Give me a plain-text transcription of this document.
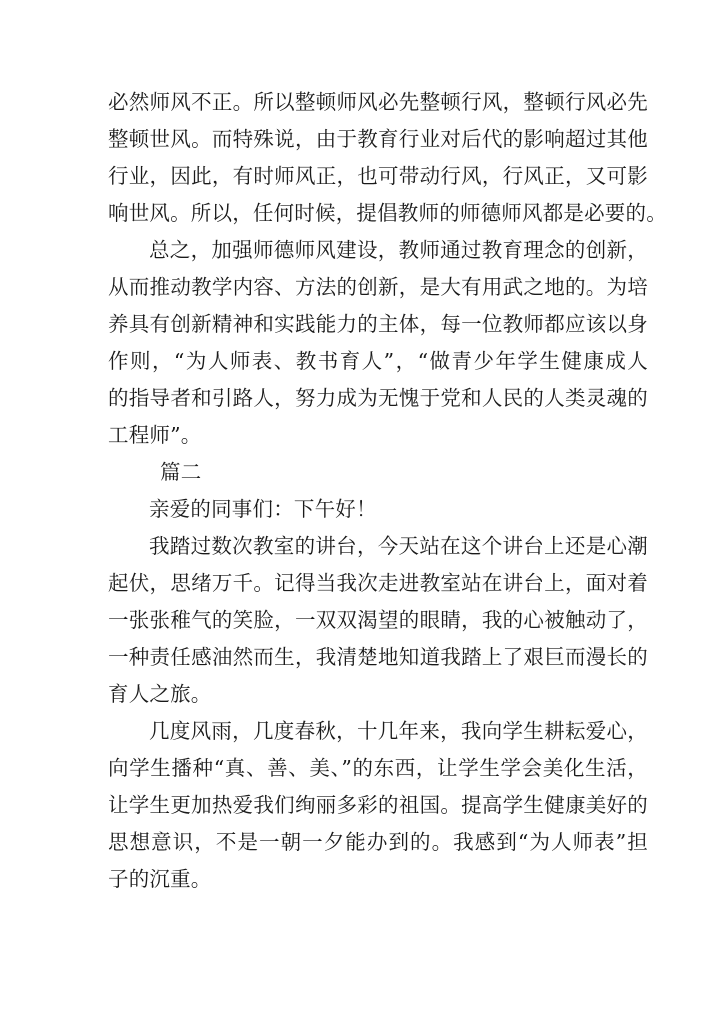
必然师风不正。所以整顿师风必先整顿行风，整顿行风必先
整顿世风。而特殊说，由于教育行业对后代的影响超过其他
行业，因此，有时师风正，也可带动行风，行风正，又可影
响世风。所以，任何时候，提倡教师的师德师风都是必要的。
总之，加强师德师风建设，教师通过教育理念的创新，
从而推动教学内容、方法的创新，是大有用武之地的。为培
养具有创新精神和实践能力的主体，每一位教师都应该以身
作则，“为人师表、教书育人”，“做青少年学生健康成人
的指导者和引路人，努力成为无愧于党和人民的人类灵魂的
工程师”。
篇二
亲爱的同事们：下午好！
我踏过数次教室的讲台，今天站在这个讲台上还是心潮
起伏，思绪万千。记得当我次走进教室站在讲台上，面对着
一张张稚气的笑脸，一双双渴望的眼睛，我的心被触动了，
一种责任感油然而生，我清楚地知道我踏上了艰巨而漫长的
育人之旅。
几度风雨，几度春秋，十几年来，我向学生耕耘爱心，
向学生播种“真、善、美、”的东西，让学生学会美化生活，
让学生更加热爱我们绚丽多彩的祖国。提高学生健康美好的
思想意识，不是一朝一夕能办到的。我感到“为人师表”担
子的沉重。
